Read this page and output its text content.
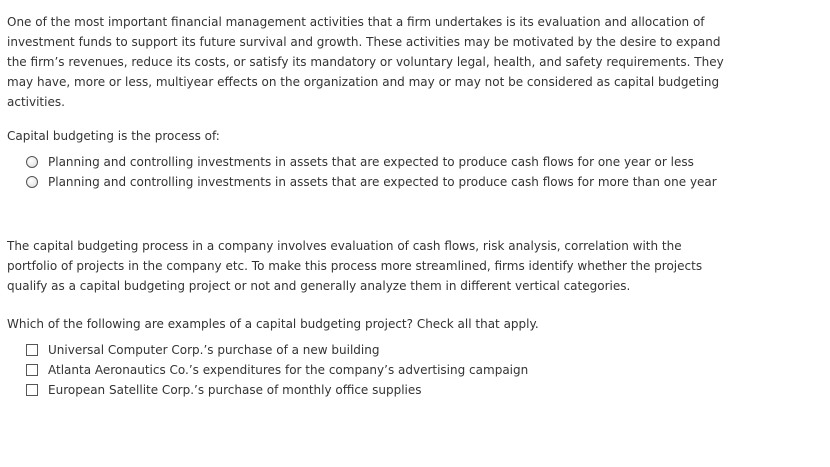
One of the most important financial management activities that a firm undertakes is its evaluation and allocation of investment funds to support its future survival and growth. These activities may be motivated by the desire to expand the firm’s revenues, reduce its costs, or satisfy its mandatory or voluntary legal, health, and safety requirements. They may have, more or less, multiyear effects on the organization and may or may not be considered as capital budgeting activities.

Capital budgeting is the process of:

Planning and controlling investments in assets that are expected to produce cash flows for one year or less
Planning and controlling investments in assets that are expected to produce cash flows for more than one year

The capital budgeting process in a company involves evaluation of cash flows, risk analysis, correlation with the portfolio of projects in the company etc. To make this process more streamlined, firms identify whether the projects qualify as a capital budgeting project or not and generally analyze them in different vertical categories.

Which of the following are examples of a capital budgeting project? Check all that apply.

Universal Computer Corp.’s purchase of a new building
Atlanta Aeronautics Co.’s expenditures for the company’s advertising campaign
European Satellite Corp.’s purchase of monthly office supplies
